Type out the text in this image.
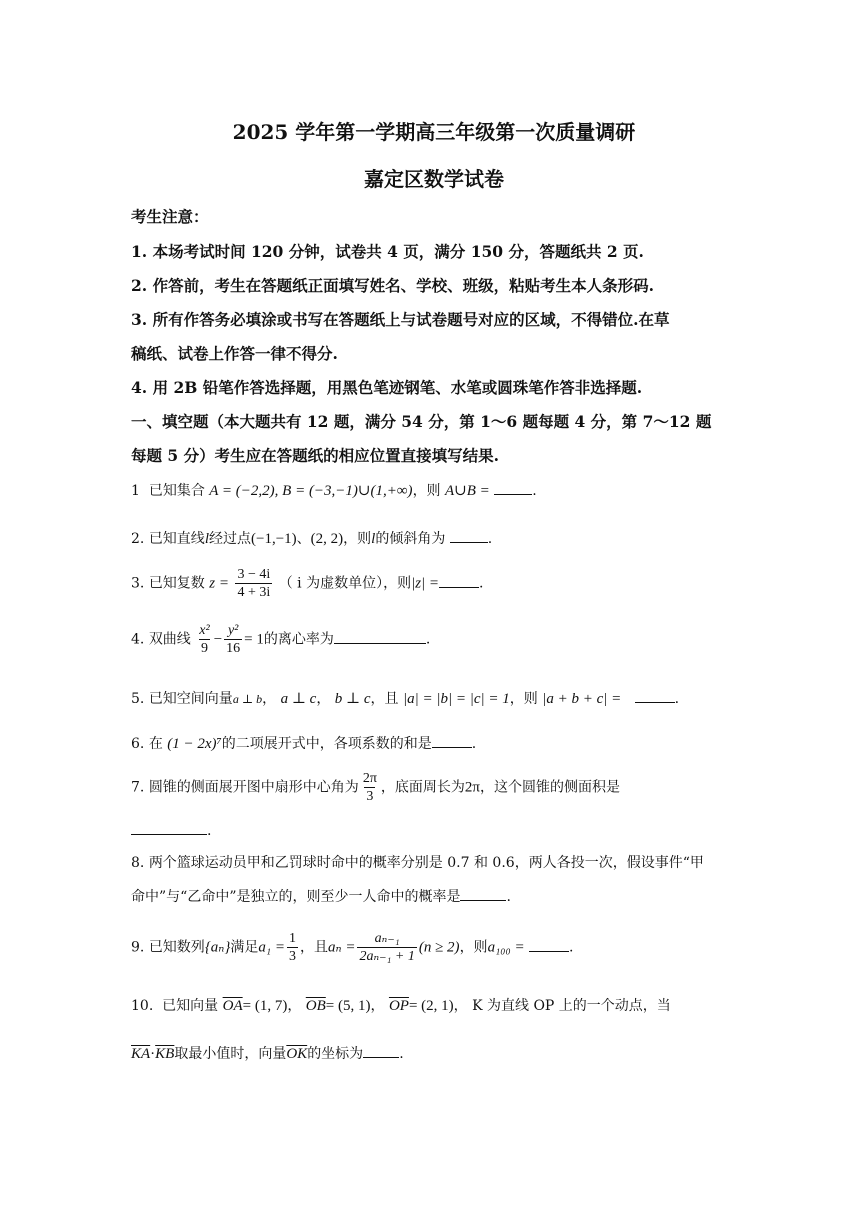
2025 学年第一学期高三年级第一次质量调研
嘉定区数学试卷
考生注意：
1. 本场考试时间 120 分钟，试卷共 4 页，满分 150 分，答题纸共 2 页.
2. 作答前，考生在答题纸正面填写姓名、学校、班级，粘贴考生本人条形码.
3. 所有作答务必填涂或书写在答题纸上与试卷题号对应的区域，不得错位.在草
稿纸、试卷上作答一律不得分.
4. 用 2B 铅笔作答选择题，用黑色笔迹钢笔、水笔或圆珠笔作答非选择题.
一、填空题（本大题共有 12 题，满分 54 分，第 1～6 题每题 4 分，第 7～12 题
每题 5 分）考生应在答题纸的相应位置直接填写结果.
1 已知集合 A = (−2,2), B = (−3,−1)∪(1,+∞)，则 A∪B =	.
2. 已知直线l经过点(−1,−1)、(2, 2)，则l的倾斜角为	.
3. 已知复数 $z = \frac{3 - 4i}{4 + 3i}$ （ i 为虚数单位），则|z| =	.
4. 双曲线 $\frac{\text{x²}}{9} - \frac{\text{y²}}{16} = 1$的离心率为	.
5. 已知空间向量a ⊥ b， a ⊥ c， b ⊥ c，且 |a| = |b| = |c| = 1，则 |a + b + c| =	.
6. 在 (1 − 2x)⁷的二项展开式中，各项系数的和是	.
7. 圆锥的侧面展开图中扇形中心角为 $\frac{2\pi}{3}$ ，底面周长为2π，这个圆锥的侧面积是
.
8. 两个篮球运动员甲和乙罚球时命中的概率分别是 0.7 和 0.6，两人各投一次，假设事件“甲
命中”与“乙命中”是独立的，则至少一人命中的概率是	.
9. 已知数列{aₙ}满足$a_1 = \frac{1}{3}$ ，且$a_n = \frac{\text{aₙ₋₁}}{\text{2aₙ₋₁ + 1}} (n \ge 2)$，则a₁₀₀ =	.
10. 已知向量 $\overline{OA}= (1$, 7)， $\overline{OB}= (5$, 1)， $\overline{OP}= (2$, 1)， K 为直线 OP 上的一个动点，当
$\overline{KA}\cdot\overline{KB}$取最小值时，向量$\overline{OK}$的坐标为	.
